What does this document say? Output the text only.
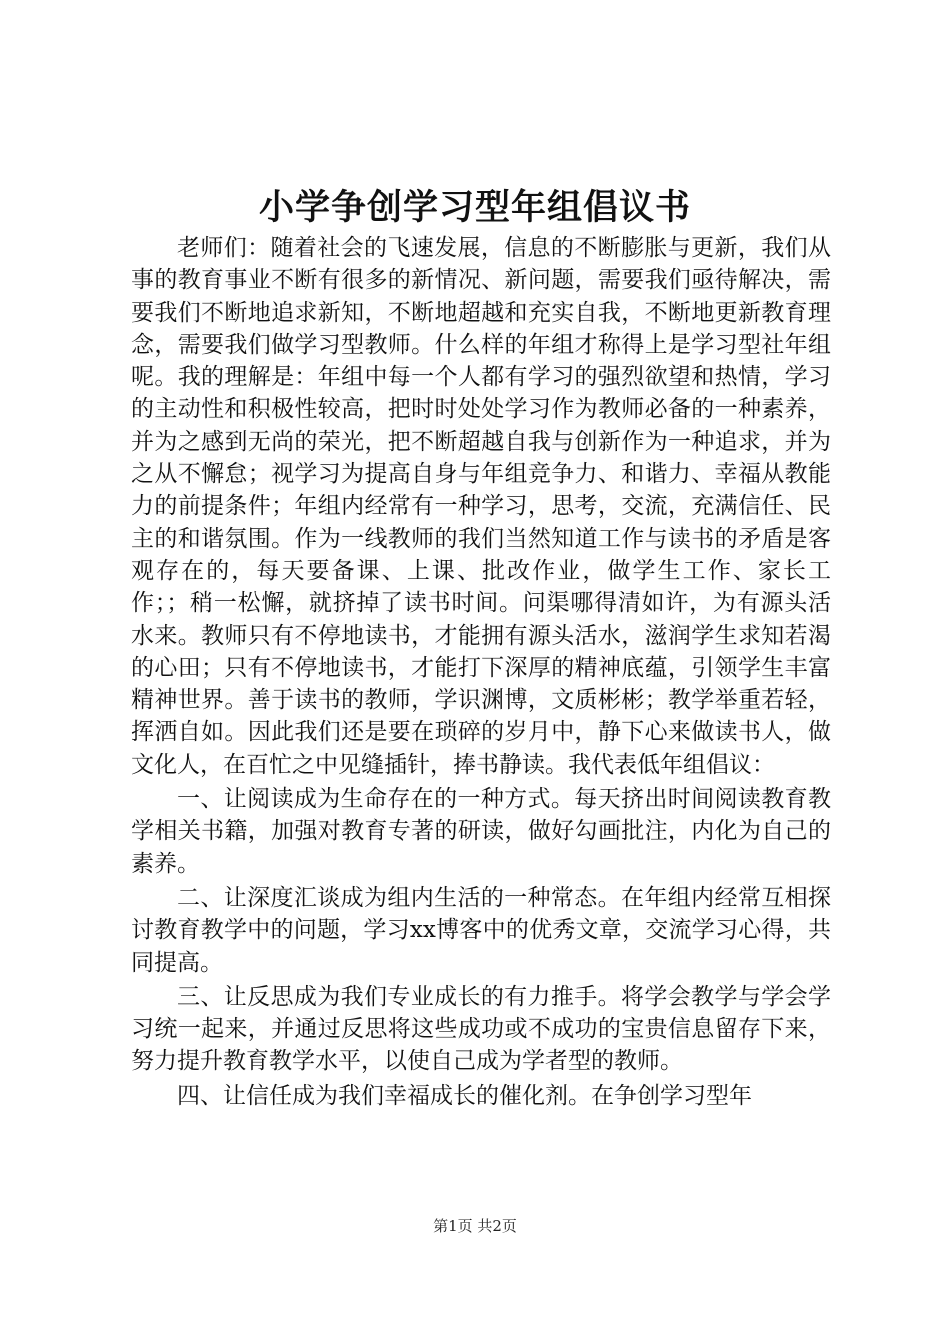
小学争创学习型年组倡议书

老师们：随着社会的飞速发展，信息的不断膨胀与更新，我们从事的教育事业不断有很多的新情况、新问题，需要我们亟待解决，需要我们不断地追求新知，不断地超越和充实自我，不断地更新教育理念，需要我们做学习型教师。什么样的年组才称得上是学习型社年组呢。我的理解是：年组中每一个人都有学习的强烈欲望和热情，学习的主动性和积极性较高，把时时处处学习作为教师必备的一种素养，并为之感到无尚的荣光，把不断超越自我与创新作为一种追求，并为之从不懈怠；视学习为提高自身与年组竞争力、和谐力、幸福从教能力的前提条件；年组内经常有一种学习，思考，交流，充满信任、民主的和谐氛围。作为一线教师的我们当然知道工作与读书的矛盾是客观存在的，每天要备课、上课、批改作业，做学生工作、家长工作；；稍一松懈，就挤掉了读书时间。问渠哪得清如许，为有源头活水来。教师只有不停地读书，才能拥有源头活水，滋润学生求知若渴的心田；只有不停地读书，才能打下深厚的精神底蕴，引领学生丰富精神世界。善于读书的教师，学识渊博，文质彬彬；教学举重若轻，挥洒自如。因此我们还是要在琐碎的岁月中，静下心来做读书人，做文化人，在百忙之中见缝插针，捧书静读。我代表低年组倡议：

一、让阅读成为生命存在的一种方式。每天挤出时间阅读教育教学相关书籍，加强对教育专著的研读，做好勾画批注，内化为自己的素养。

二、让深度汇谈成为组内生活的一种常态。在年组内经常互相探讨教育教学中的问题，学习xx博客中的优秀文章，交流学习心得，共同提高。

三、让反思成为我们专业成长的有力推手。将学会教学与学会学习统一起来，并通过反思将这些成功或不成功的宝贵信息留存下来，努力提升教育教学水平，以使自己成为学者型的教师。

四、让信任成为我们幸福成长的催化剂。在争创学习型年

第1页 共2页
